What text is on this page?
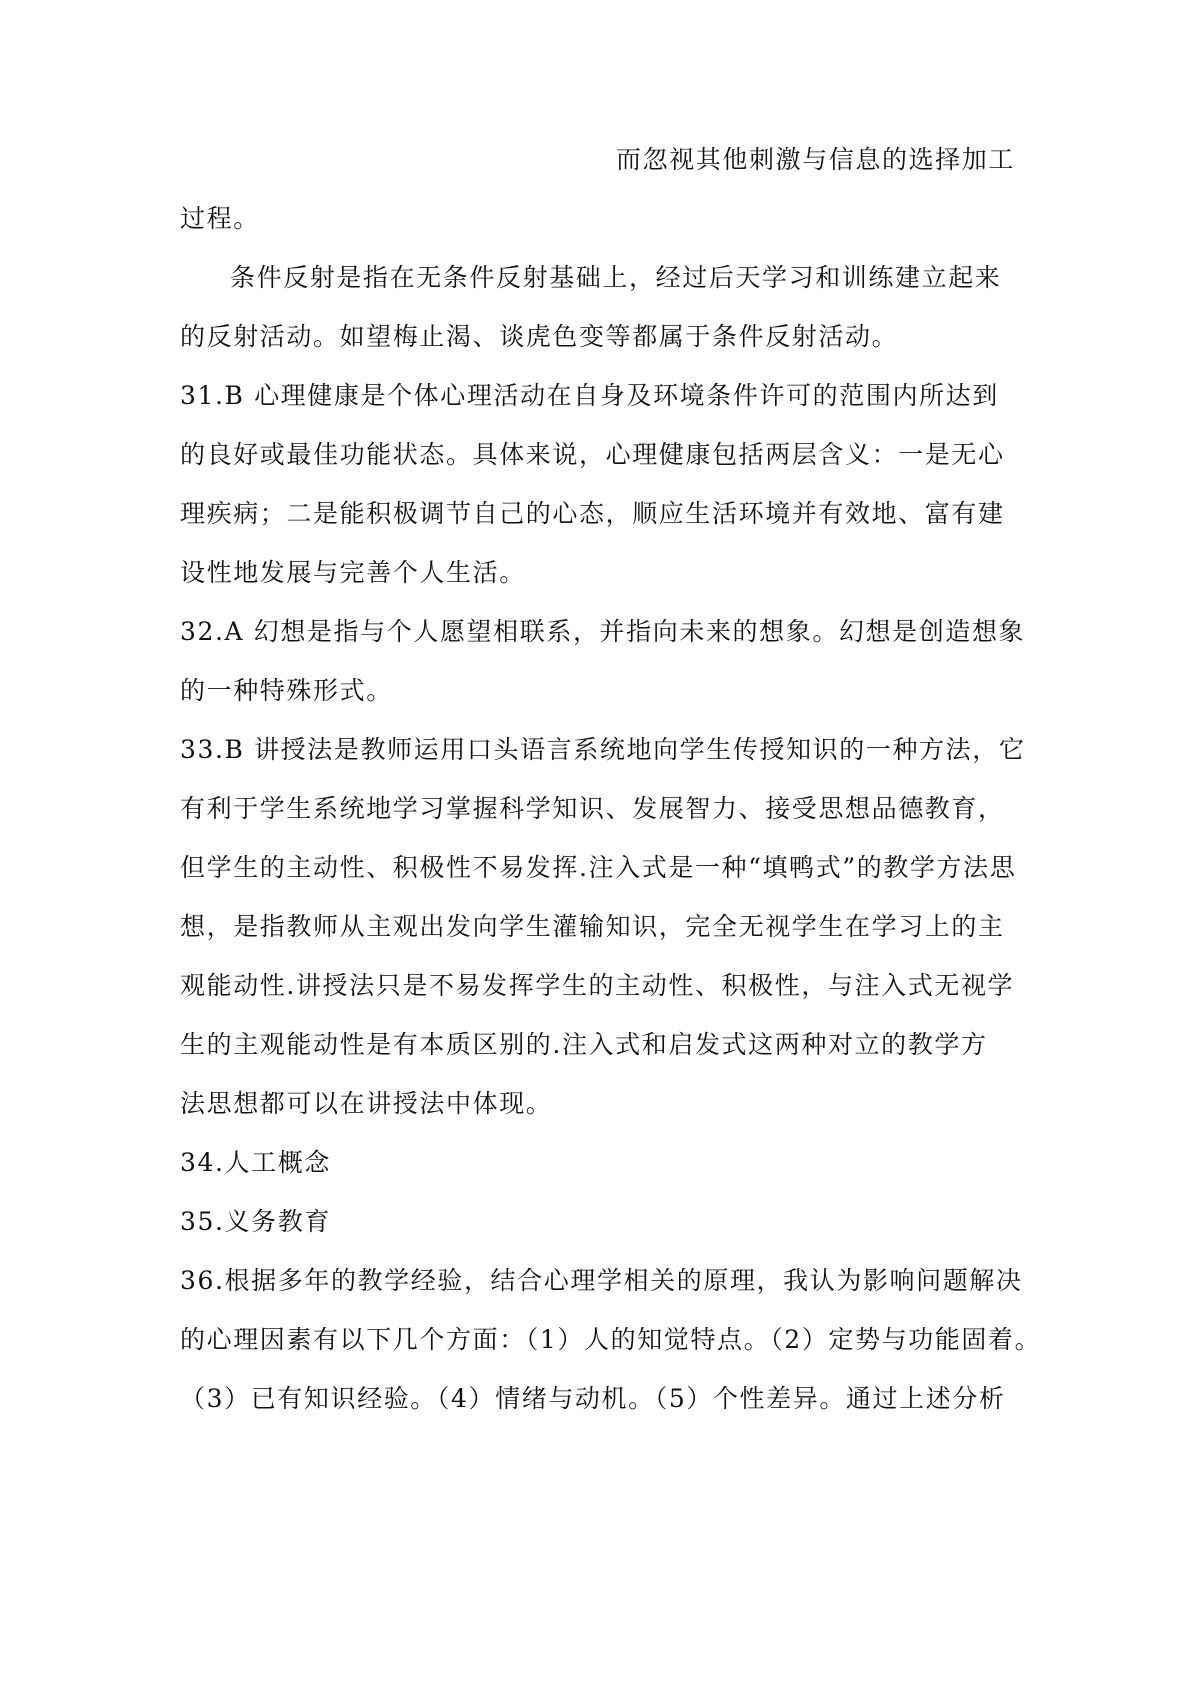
而忽视其他刺激与信息的选择加工
过程。
条件反射是指在无条件反射基础上，经过后天学习和训练建立起来
的反射活动。如望梅止渴、谈虎色变等都属于条件反射活动。
31.B 心理健康是个体心理活动在自身及环境条件许可的范围内所达到
的良好或最佳功能状态。具体来说，心理健康包括两层含义：一是无心
理疾病；二是能积极调节自己的心态，顺应生活环境并有效地、富有建
设性地发展与完善个人生活。
32.A 幻想是指与个人愿望相联系，并指向未来的想象。幻想是创造想象
的一种特殊形式。
33.B 讲授法是教师运用口头语言系统地向学生传授知识的一种方法，它
有利于学生系统地学习掌握科学知识、发展智力、接受思想品德教育，
但学生的主动性、积极性不易发挥.注入式是一种“填鸭式”的教学方法思
想，是指教师从主观出发向学生灌输知识，完全无视学生在学习上的主
观能动性.讲授法只是不易发挥学生的主动性、积极性，与注入式无视学
生的主观能动性是有本质区别的.注入式和启发式这两种对立的教学方
法思想都可以在讲授法中体现。
34.人工概念
35.义务教育
36.根据多年的教学经验，结合心理学相关的原理，我认为影响问题解决
的心理因素有以下几个方面：（1）人的知觉特点。（2）定势与功能固着。
（3）已有知识经验。（4）情绪与动机。（5）个性差异。通过上述分析
